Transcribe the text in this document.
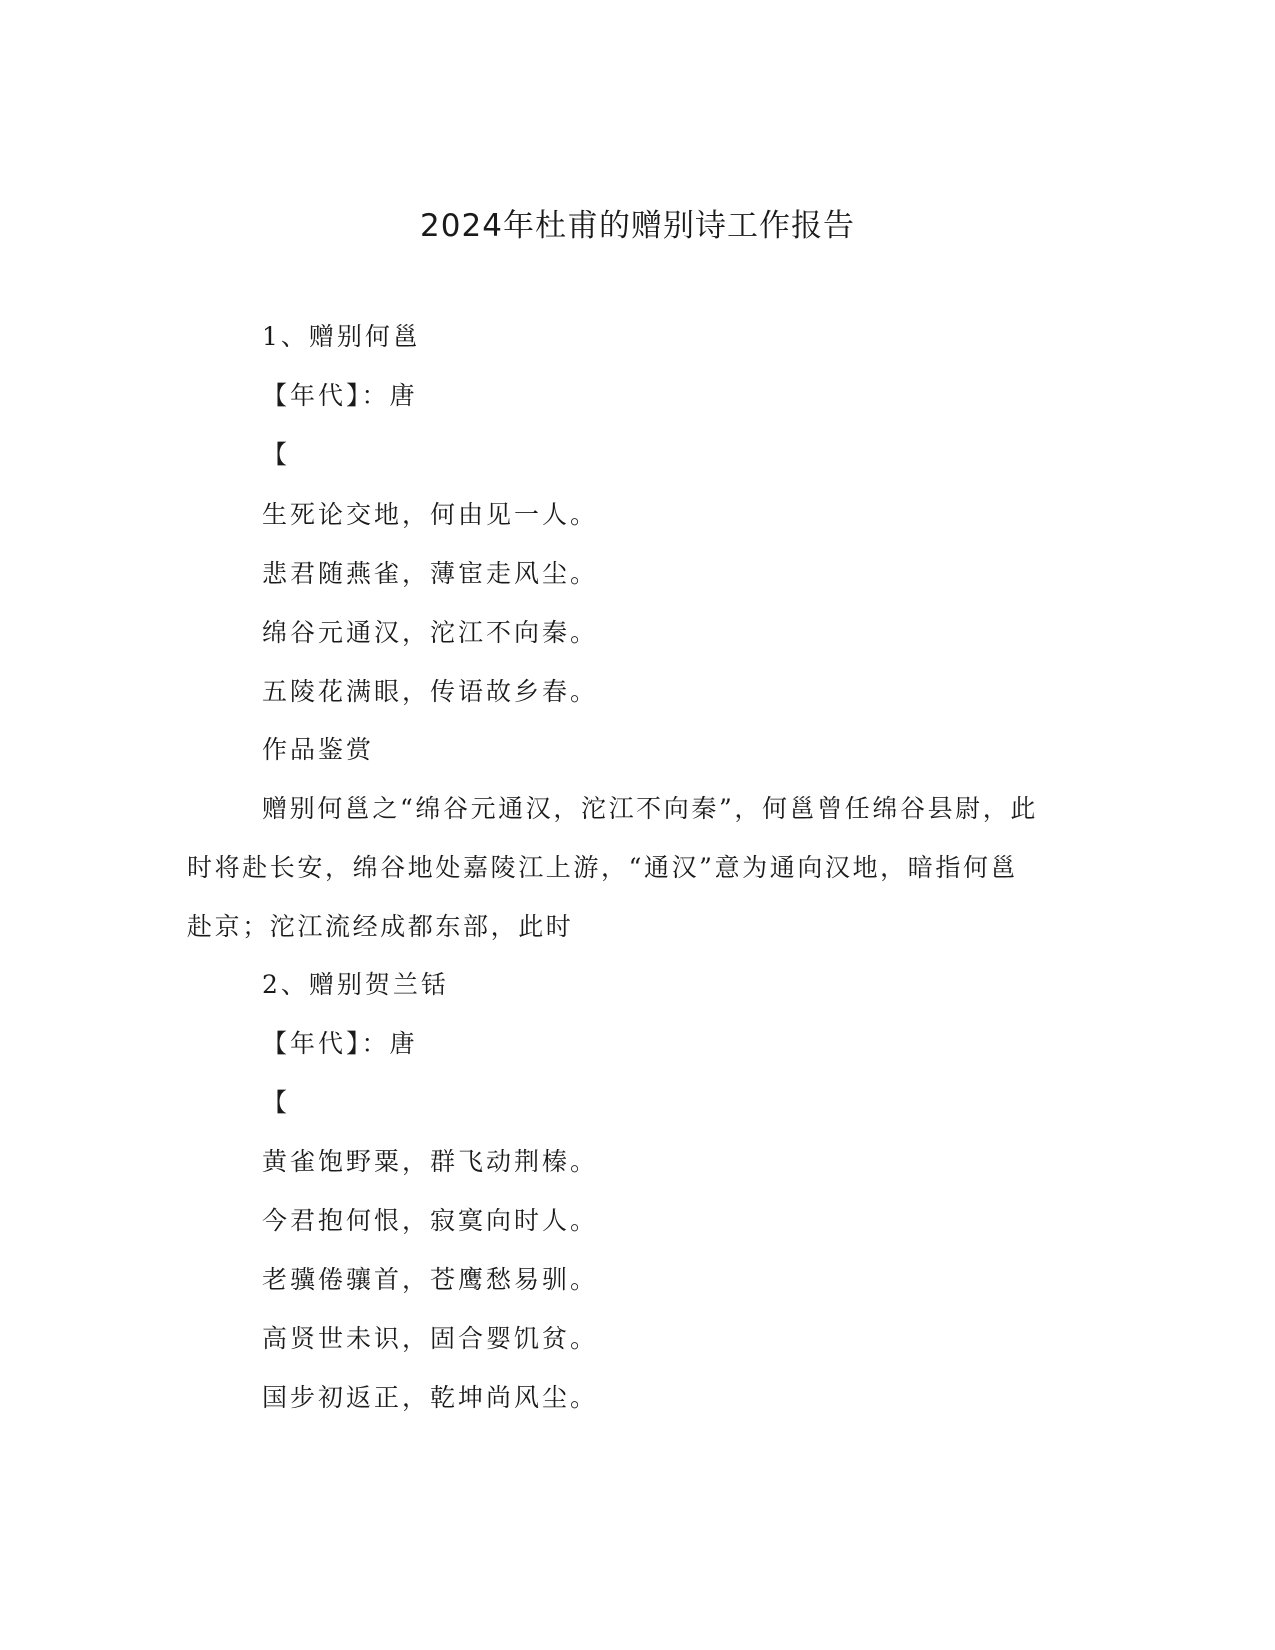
2024年杜甫的赠别诗工作报告
1、赠别何邕
【年代】：唐
【
生死论交地，何由见一人。
悲君随燕雀，薄宦走风尘。
绵谷元通汉，沱江不向秦。
五陵花满眼，传语故乡春。
作品鉴赏
赠别何邕之“绵谷元通汉，沱江不向秦”，何邕曾任绵谷县尉，此
时将赴长安，绵谷地处嘉陵江上游，“通汉”意为通向汉地，暗指何邕
赴京；沱江流经成都东部，此时
2、赠别贺兰铦
【年代】：唐
【
黄雀饱野粟，群飞动荆榛。
今君抱何恨，寂寞向时人。
老骥倦骧首，苍鹰愁易驯。
高贤世未识，固合婴饥贫。
国步初返正，乾坤尚风尘。
